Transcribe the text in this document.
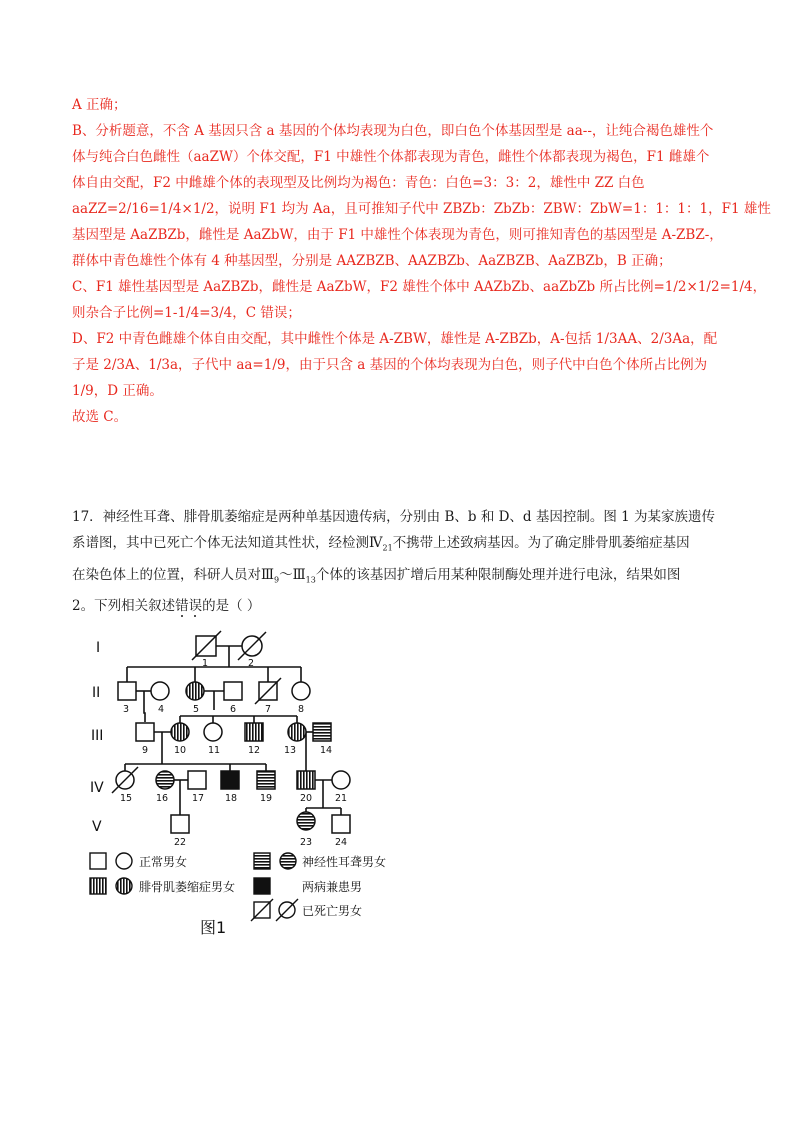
A 正确；

B、分析题意，不含 A 基因只含 a 基因的个体均表现为白色，即白色个体基因型是 aa--，让纯合褐色雄性个

体与纯合白色雌性（aaZW）个体交配，F1 中雄性个体都表现为青色，雌性个体都表现为褐色，F1 雌雄个

体自由交配，F2 中雌雄个体的表现型及比例均为褐色：青色：白色=3：3：2，雄性中 ZZ 白色

aaZZ=2/16=1/4×1/2，说明 F1 均为 Aa，且可推知子代中 ZBZb：ZbZb：ZBW：ZbW=1：1：1：1，F1 雄性

基因型是 AaZBZb，雌性是 AaZbW，由于 F1 中雄性个体表现为青色，则可推知青色的基因型是 A-ZBZ-，

群体中青色雄性个体有 4 种基因型，分别是 AAZBZB、AAZBZb、AaZBZB、AaZBZb，B 正确；

C、F1 雄性基因型是 AaZBZb，雌性是 AaZbW，F2 雄性个体中 AAZbZb、aaZbZb 所占比例=1/2×1/2=1/4，

则杂合子比例=1-1/4=3/4，C 错误；

D、F2 中青色雌雄个体自由交配，其中雌性个体是 A-ZBW，雄性是 A-ZBZb，A-包括 1/3AA、2/3Aa，配

子是 2/3A、1/3a，子代中 aa=1/9，由于只含 a 基因的个体均表现为白色，则子代中白色个体所占比例为

1/9，D 正确。

故选 C。

17．神经性耳聋、腓骨肌萎缩症是两种单基因遗传病，分别由 B、b 和 D、d 基因控制。图 1 为某家族遗传

系谱图，其中已死亡个体无法知道其性状，经检测$Ⅳ_{21}$不携带上述致病基因。为了确定腓骨肌萎缩症基因

在染色体上的位置，科研人员对$Ⅲ_9\sim Ⅲ_{13}$个体的该基因扩增后用某种限制酶处理并进行电泳，结果如图

2。下列相关叙述错误的是（ ）

I
II
III
IV
V
1	2
3	4	5	6	7	8
9	10 11	12	13	14
15	16	17 18 19	20 21
22	23 24
正常男女	神经性耳聋男女
腓骨肌萎缩症男女	两病兼患男
已死亡男女
图1
